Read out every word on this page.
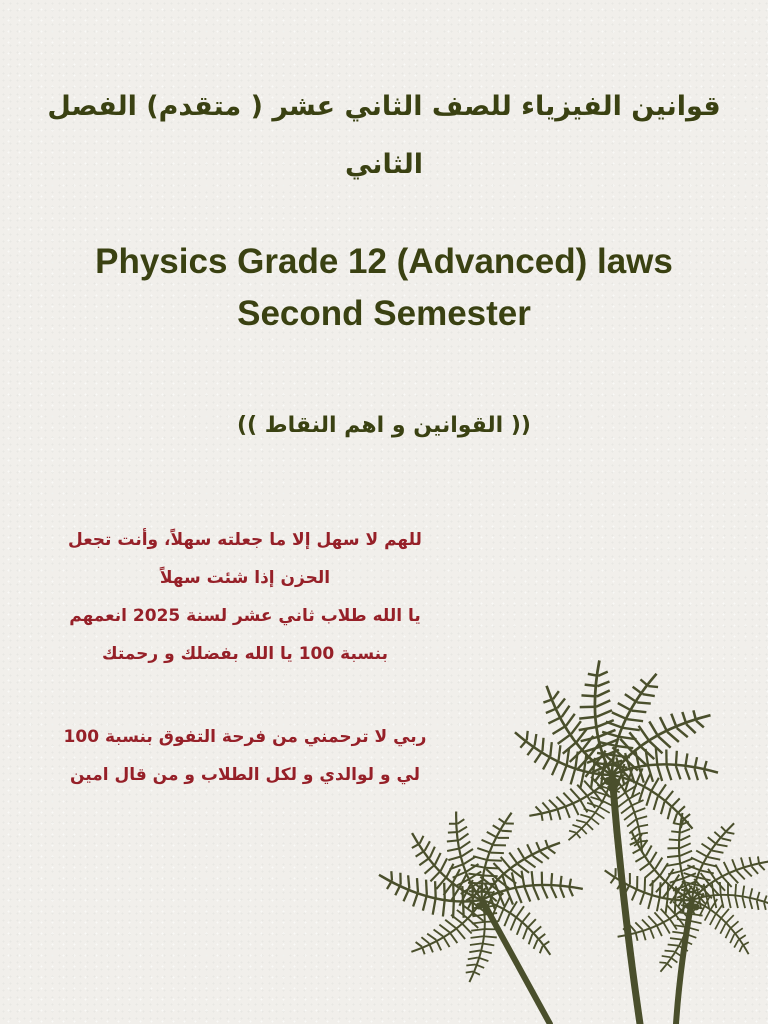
قوانين الفيزياء للصف الثاني عشر ( متقدم) الفصل
الثاني
Physics Grade 12 (Advanced) laws
Second Semester
(( القوانين و اهم النقاط ))
للهم لا سهل إلا ما جعلته سهلاً، وأنت تجعل
الحزن إذا شئت سهلاً
يا الله طلاب ثاني عشر لسنة 2025 انعمهم
بنسبة 100 يا الله بفضلك و رحمتك
ربي لا ترحمني من فرحة التفوق بنسبة 100
لي و لوالدي و لكل الطلاب و من قال امين
